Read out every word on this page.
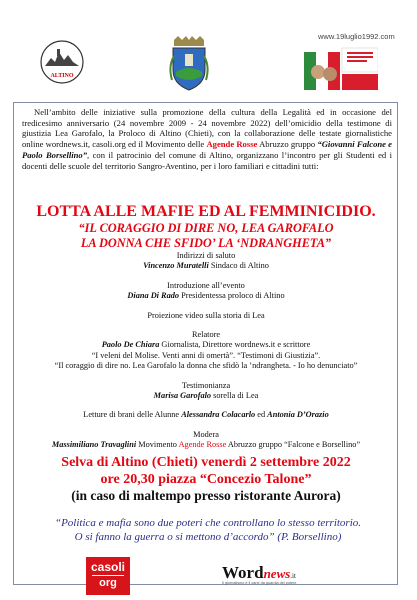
ALTINO
www.19luglio1992.com
Nell’ambito delle iniziative sulla promozione della cultura della Legalità ed in occasione del tredicesimo anniversario (24 novembre 2009 - 24 novembre 2022) dell’omicidio della testimone di giustizia Lea Garofalo, la Proloco di Altino (Chieti), con la collaborazione delle testate giornalistiche online wordnews.it, casoli.org ed il Movimento delle Agende Rosse Abruzzo gruppo “Giovanni Falcone e Paolo Borsellino”, con il patrocinio del comune di Altino, organizzano l’incontro per gli Studenti ed i docenti delle scuole del territorio Sangro-Aventino, per i loro familiari e cittadini tutti:
LOTTA ALLE MAFIE ED AL FEMMINICIDIO.
“IL CORAGGIO DI DIRE NO, LEA GAROFALO
LA DONNA CHE SFIDO’ LA ‘NDRANGHETA”
Indirizzi di saluto
Vincenzo Muratelli Sindaco di Altino
Introduzione all’evento
Diana Di Rado Presidentessa proloco di Altino
Proiezione video sulla storia di Lea
Relatore
Paolo De Chiara Giornalista, Direttore wordnews.it e scrittore
“I veleni del Molise. Venti anni di omertà”. “Testimoni di Giustizia”.
“Il coraggio di dire no. Lea Garofalo la donna che sfidò la ’ndrangheta. - Io ho denunciato”
Testimonianza
Marisa Garofalo sorella di Lea
Letture di brani delle Alunne Alessandra Colacarlo ed Antonia D’Orazio
Modera
Massimiliano Travaglini Movimento Agende Rosse Abruzzo gruppo “Falcone e Borsellino”
Selva di Altino (Chieti) venerdì 2 settembre 2022
ore 20,30 piazza “Concezio Talone”
(in caso di maltempo presso ristorante Aurora)
“Politica e mafia sono due poteri che controllano lo stesso territorio.
O si fanno la guerra o si mettono d’accordo” (P. Borsellino)
casoli
org
Wordnews.it
Il giornalismo è il cane da guardia del potere
